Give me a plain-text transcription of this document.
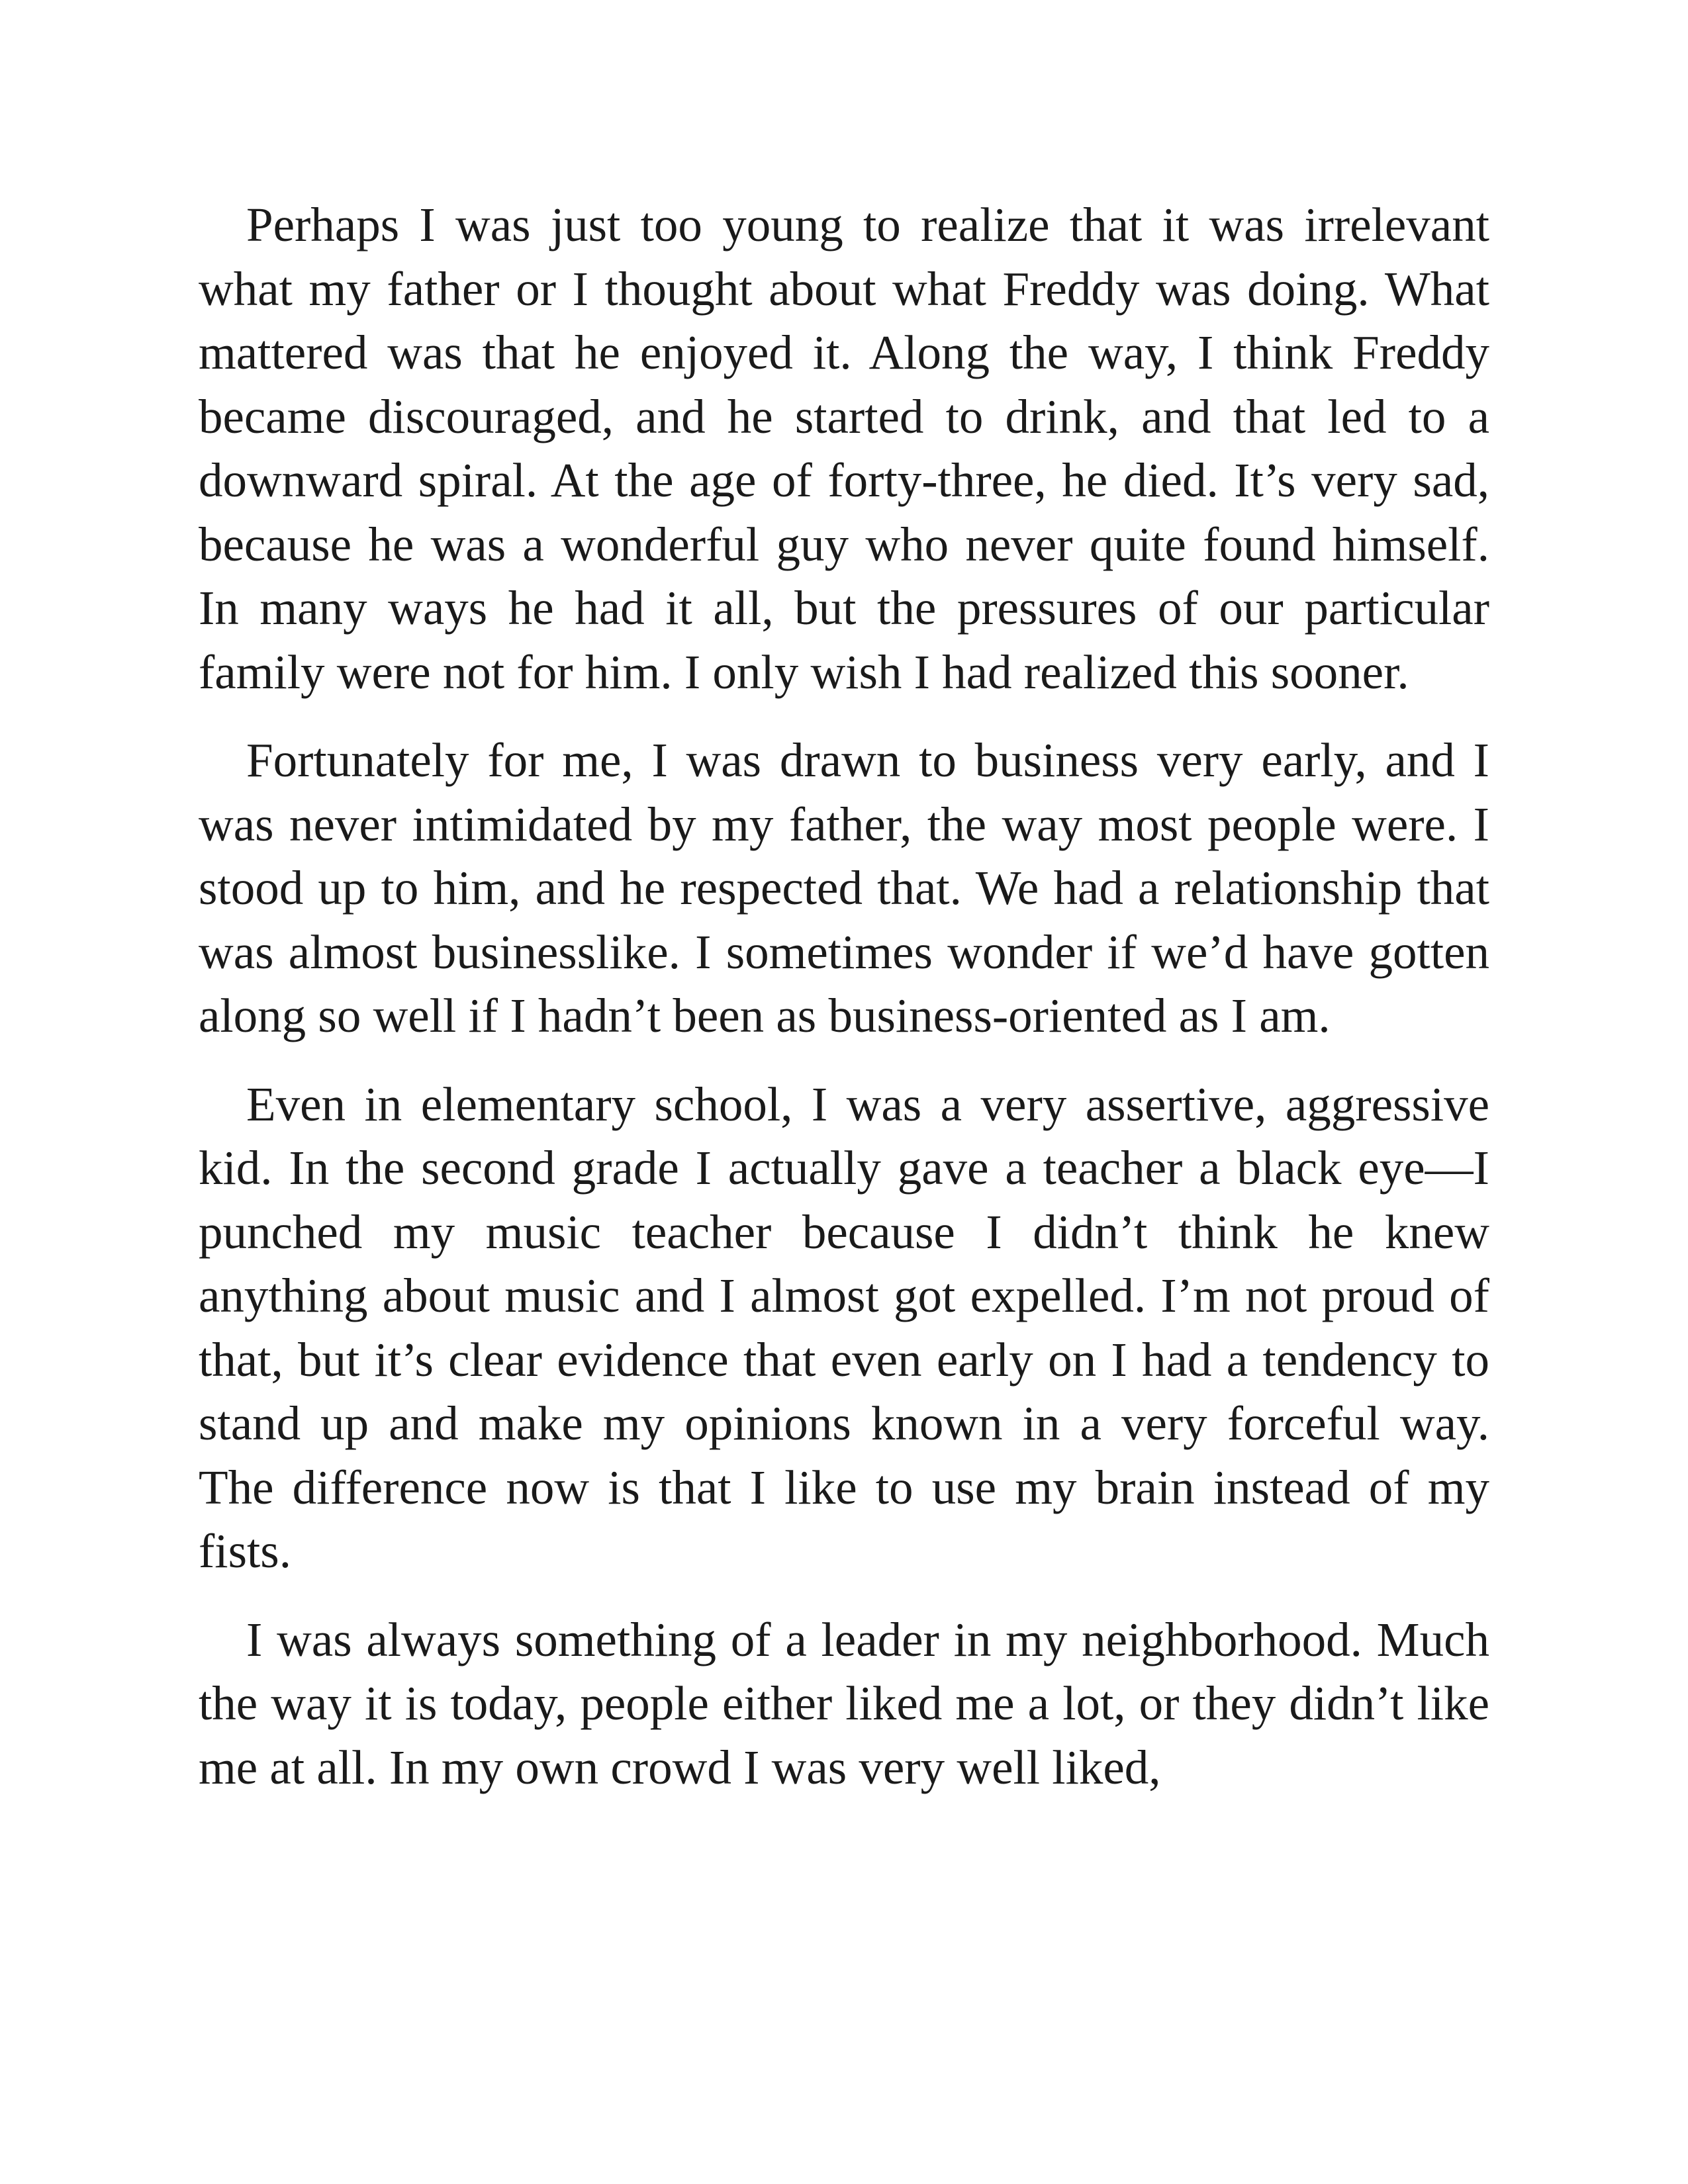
Perhaps I was just too young to realize that it was irrelevant what my father or I thought about what Freddy was doing. What mattered was that he enjoyed it. Along the way, I think Freddy became discouraged, and he started to drink, and that led to a downward spiral. At the age of forty-three, he died. It’s very sad, because he was a wonderful guy who never quite found himself. In many ways he had it all, but the pressures of our particular family were not for him. I only wish I had realized this sooner.

Fortunately for me, I was drawn to business very early, and I was never intimidated by my father, the way most people were. I stood up to him, and he respected that. We had a relationship that was almost businesslike. I sometimes wonder if we’d have gotten along so well if I hadn’t been as business-oriented as I am.

Even in elementary school, I was a very assertive, aggressive kid. In the second grade I actually gave a teacher a black eye—I punched my music teacher because I didn’t think he knew anything about music and I almost got expelled. I’m not proud of that, but it’s clear evidence that even early on I had a tendency to stand up and make my opinions known in a very forceful way. The difference now is that I like to use my brain instead of my fists.

I was always something of a leader in my neighborhood. Much the way it is today, people either liked me a lot, or they didn’t like me at all. In my own crowd I was very well liked,
